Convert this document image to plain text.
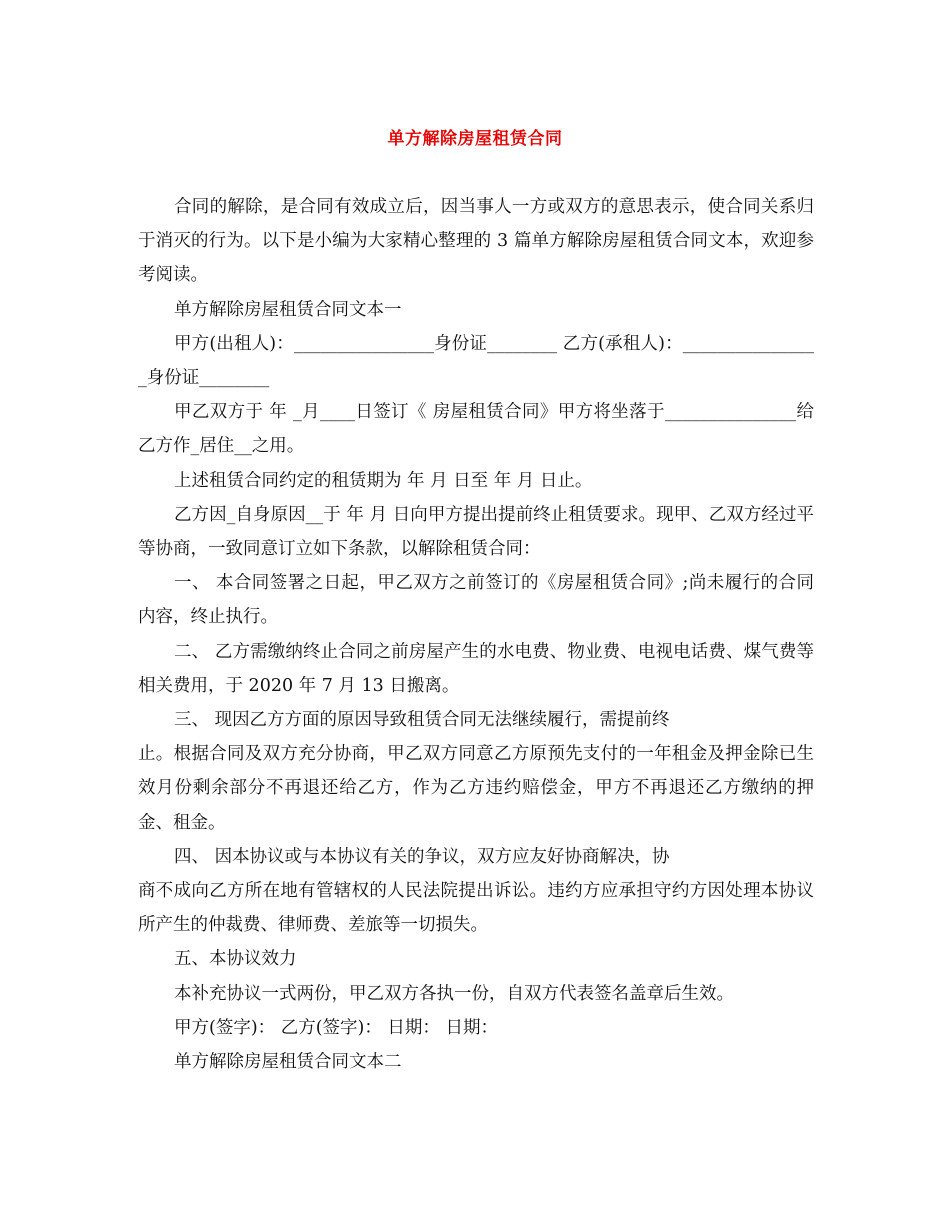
单方解除房屋租赁合同

合同的解除，是合同有效成立后，因当事人一方或双方的意思表示，使合同关系归于消灭的行为。以下是小编为大家精心整理的 3 篇单方解除房屋租赁合同文本，欢迎参考阅读。

单方解除房屋租赁合同文本一

甲方(出租人)：________________身份证________ 乙方(承租人)：________________身份证________

甲乙双方于 年 _月____日签订《 房屋租赁合同》甲方将坐落于_______________给乙方作_居住__之用。

上述租赁合同约定的租赁期为 年 月 日至 年 月 日止。

乙方因_自身原因__于 年 月 日向甲方提出提前终止租赁要求。现甲、乙双方经过平等协商，一致同意订立如下条款，以解除租赁合同：

一、 本合同签署之日起，甲乙双方之前签订的《房屋租赁合同》;尚未履行的合同内容，终止执行。

二、 乙方需缴纳终止合同之前房屋产生的水电费、物业费、电视电话费、煤气费等相关费用，于 2020 年 7 月 13 日搬离。

三、 现因乙方方面的原因导致租赁合同无法继续履行，需提前终

止。根据合同及双方充分协商，甲乙双方同意乙方原预先支付的一年租金及押金除已生效月份剩余部分不再退还给乙方，作为乙方违约赔偿金，甲方不再退还乙方缴纳的押金、租金。

四、 因本协议或与本协议有关的争议，双方应友好协商解决，协

商不成向乙方所在地有管辖权的人民法院提出诉讼。违约方应承担守约方因处理本协议所产生的仲裁费、律师费、差旅等一切损失。

五、本协议效力

本补充协议一式两份，甲乙双方各执一份，自双方代表签名盖章后生效。

甲方(签字)： 乙方(签字)： 日期： 日期：

单方解除房屋租赁合同文本二
